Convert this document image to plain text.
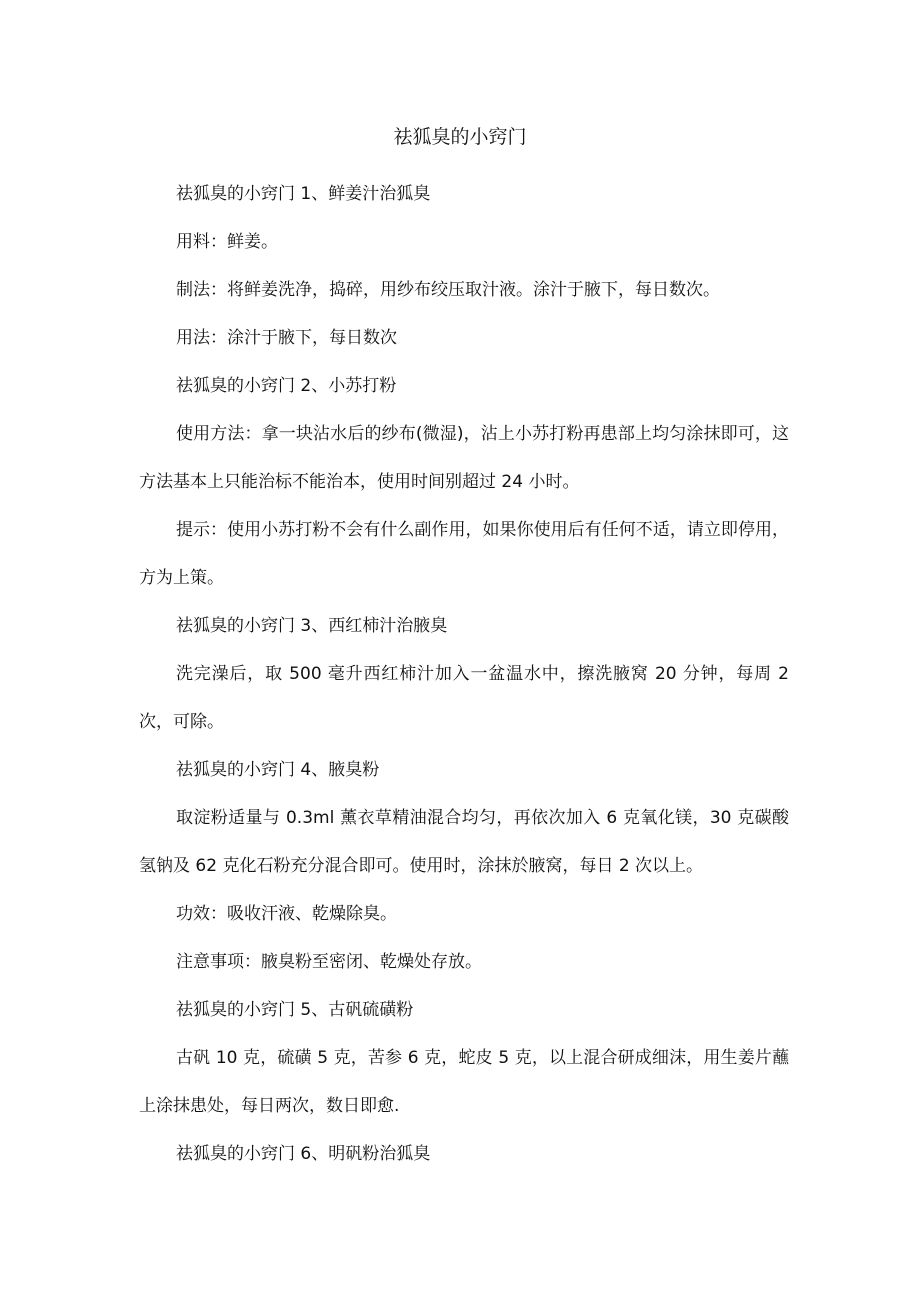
祛狐臭的小窍门

祛狐臭的小窍门 1、鲜姜汁治狐臭

用料：鲜姜。

制法：将鲜姜洗净，捣碎，用纱布绞压取汁液。涂汁于腋下，每日数次。

用法：涂汁于腋下，每日数次

祛狐臭的小窍门 2、小苏打粉

使用方法：拿一块沾水后的纱布(微湿)，沾上小苏打粉再患部上均匀涂抹即可，这方法基本上只能治标不能治本，使用时间别超过 24 小时。

提示：使用小苏打粉不会有什么副作用，如果你使用后有任何不适，请立即停用，方为上策。

祛狐臭的小窍门 3、西红柿汁治腋臭

洗完澡后，取 500 毫升西红柿汁加入一盆温水中，擦洗腋窝 20 分钟，每周 2 次，可除。

祛狐臭的小窍门 4、腋臭粉

取淀粉适量与 0.3ml 薰衣草精油混合均匀，再依次加入 6 克氧化镁，30 克碳酸氢钠及 62 克化石粉充分混合即可。使用时，涂抹於腋窝，每日 2 次以上。

功效：吸收汗液、乾燥除臭。

注意事项：腋臭粉至密闭、乾燥处存放。

祛狐臭的小窍门 5、古矾硫磺粉

古矾 10 克，硫磺 5 克，苦参 6 克，蛇皮 5 克，以上混合研成细沫，用生姜片蘸上涂抹患处，每日两次，数日即愈.

祛狐臭的小窍门 6、明矾粉治狐臭
